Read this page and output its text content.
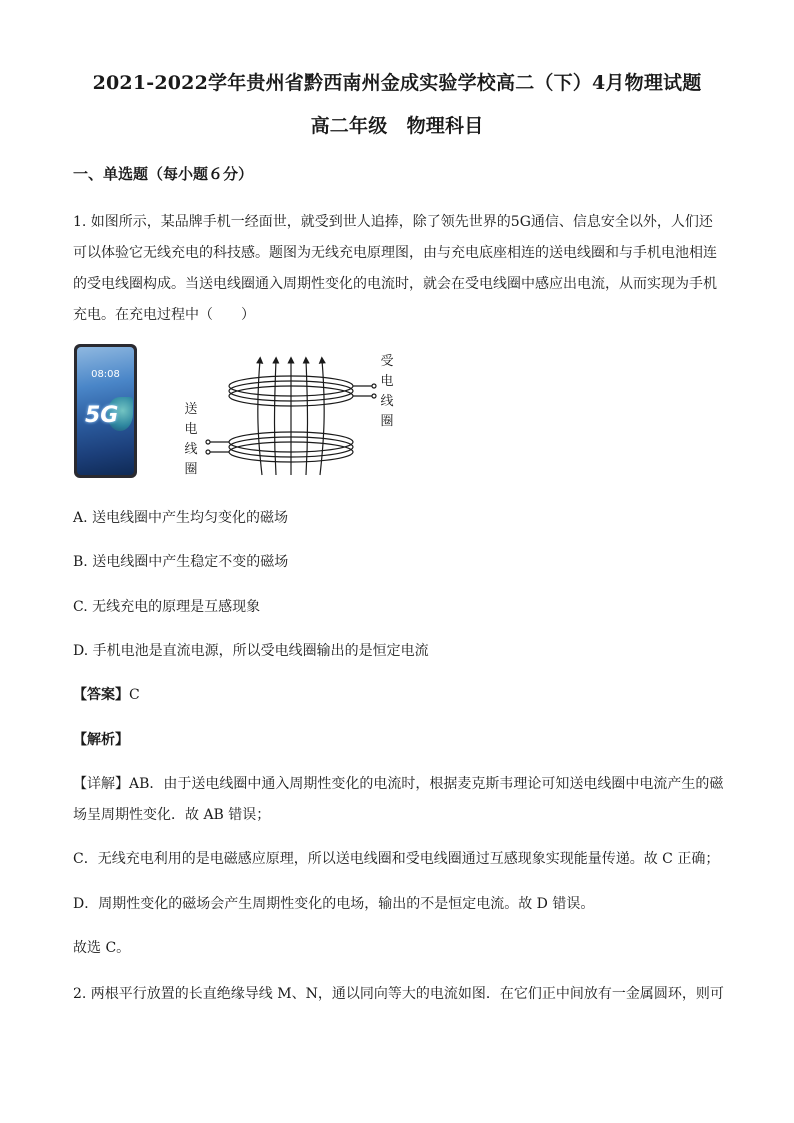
2021-2022学年贵州省黔西南州金成实验学校高二（下）4月物理试题
高二年级　物理科目
一、单选题（每小题６分）
1. 如图所示，某品牌手机一经面世，就受到世人追捧，除了领先世界的5G通信、信息安全以外，人们还
可以体验它无线充电的科技感。题图为无线充电原理图，由与充电底座相连的送电线圈和与手机电池相连
的受电线圈构成。当送电线圈通入周期性变化的电流时，就会在受电线圈中感应出电流，从而实现为手机
充电。在充电过程中（　　）
08:08
5G
受
电
线
圈
送
电
线
圈
A. 送电线圈中产生均匀变化的磁场
B. 送电线圈中产生稳定不变的磁场
C. 无线充电的原理是互感现象
D. 手机电池是直流电源，所以受电线圈输出的是恒定电流
【答案】C
【解析】
【详解】AB．由于送电线圈中通入周期性变化的电流时，根据麦克斯韦理论可知送电线圈中电流产生的磁
场呈周期性变化．故 AB 错误；
C．无线充电利用的是电磁感应原理，所以送电线圈和受电线圈通过互感现象实现能量传递。故 C 正确；
D．周期性变化的磁场会产生周期性变化的电场，输出的不是恒定电流。故 D 错误。
故选 C。
2. 两根平行放置的长直绝缘导线 M、N，通以同向等大的电流如图．在它们正中间放有一金属圆环，则可
